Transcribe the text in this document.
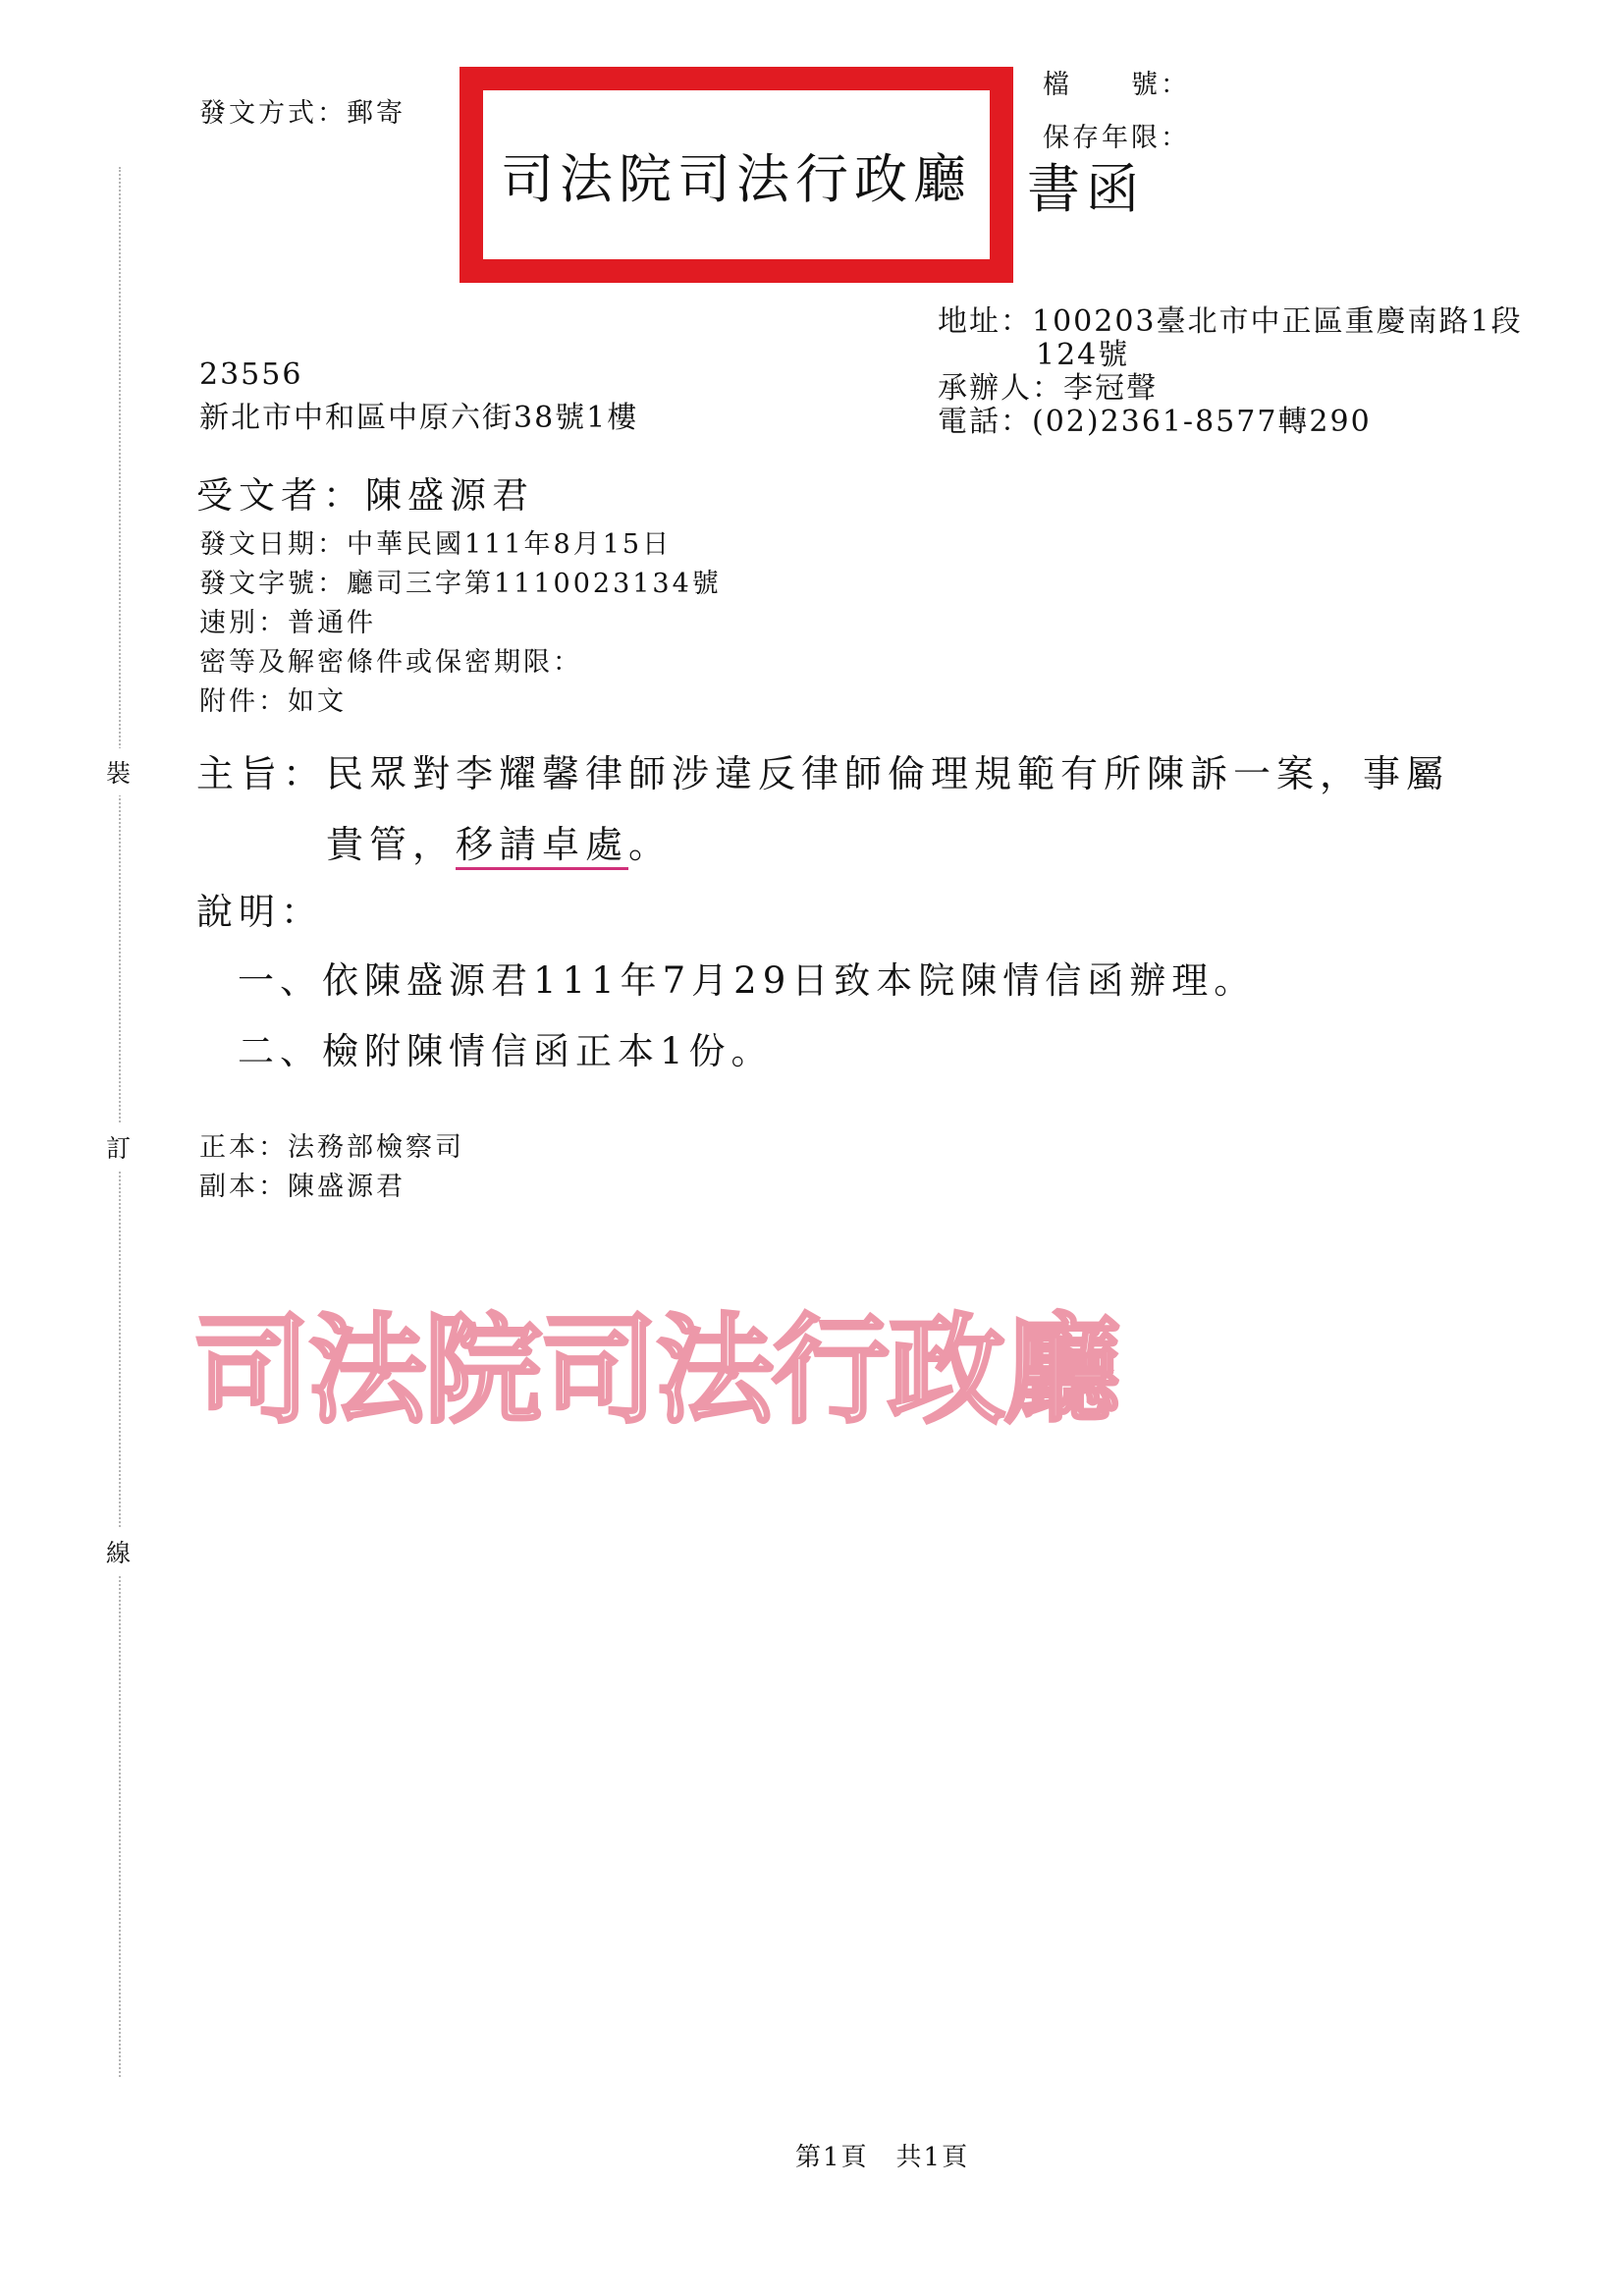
裝
訂
線
發文方式：郵寄
檔　　號：
保存年限：
司法院司法行政廳 書函
地址：100203臺北市中正區重慶南路1段
124號
承辦人：李冠聲
電話：(02)2361-8577轉290
23556
新北市中和區中原六街38號1樓
受文者：陳盛源君
發文日期：中華民國111年8月15日
發文字號：廳司三字第1110023134號
速別：普通件
密等及解密條件或保密期限：
附件：如文
主旨：民眾對李耀馨律師涉違反律師倫理規範有所陳訴一案，事屬
貴管，移請卓處。
說明：
一、依陳盛源君111年7月29日致本院陳情信函辦理。
二、檢附陳情信函正本1份。
正本：法務部檢察司
副本：陳盛源君
司法院司法行政廳
第1頁　共1頁
